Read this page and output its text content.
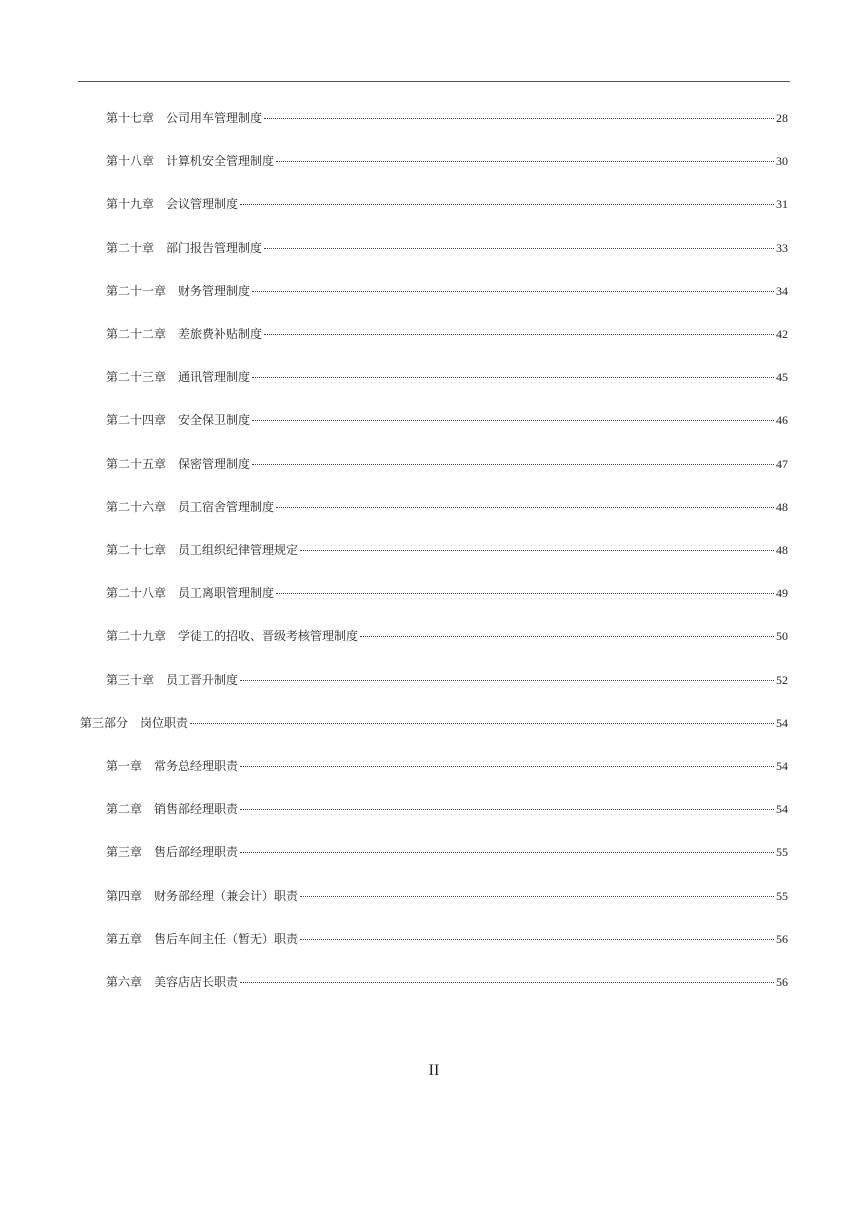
第十七章 公司用车管理制度	28
第十八章 计算机安全管理制度	30
第十九章 会议管理制度	31
第二十章 部门报告管理制度	33
第二十一章 财务管理制度	34
第二十二章 差旅费补贴制度	42
第二十三章 通讯管理制度	45
第二十四章 安全保卫制度	46
第二十五章 保密管理制度	47
第二十六章 员工宿舍管理制度	48
第二十七章 员工组织纪律管理规定	48
第二十八章 员工离职管理制度	49
第二十九章 学徒工的招收、晋级考核管理制度	50
第三十章 员工晋升制度	52
第三部分 岗位职责	54
第一章 常务总经理职责	54
第二章 销售部经理职责	54
第三章 售后部经理职责	55
第四章 财务部经理（兼会计）职责	55
第五章 售后车间主任（暂无）职责	56
第六章 美容店店长职责	56
II
